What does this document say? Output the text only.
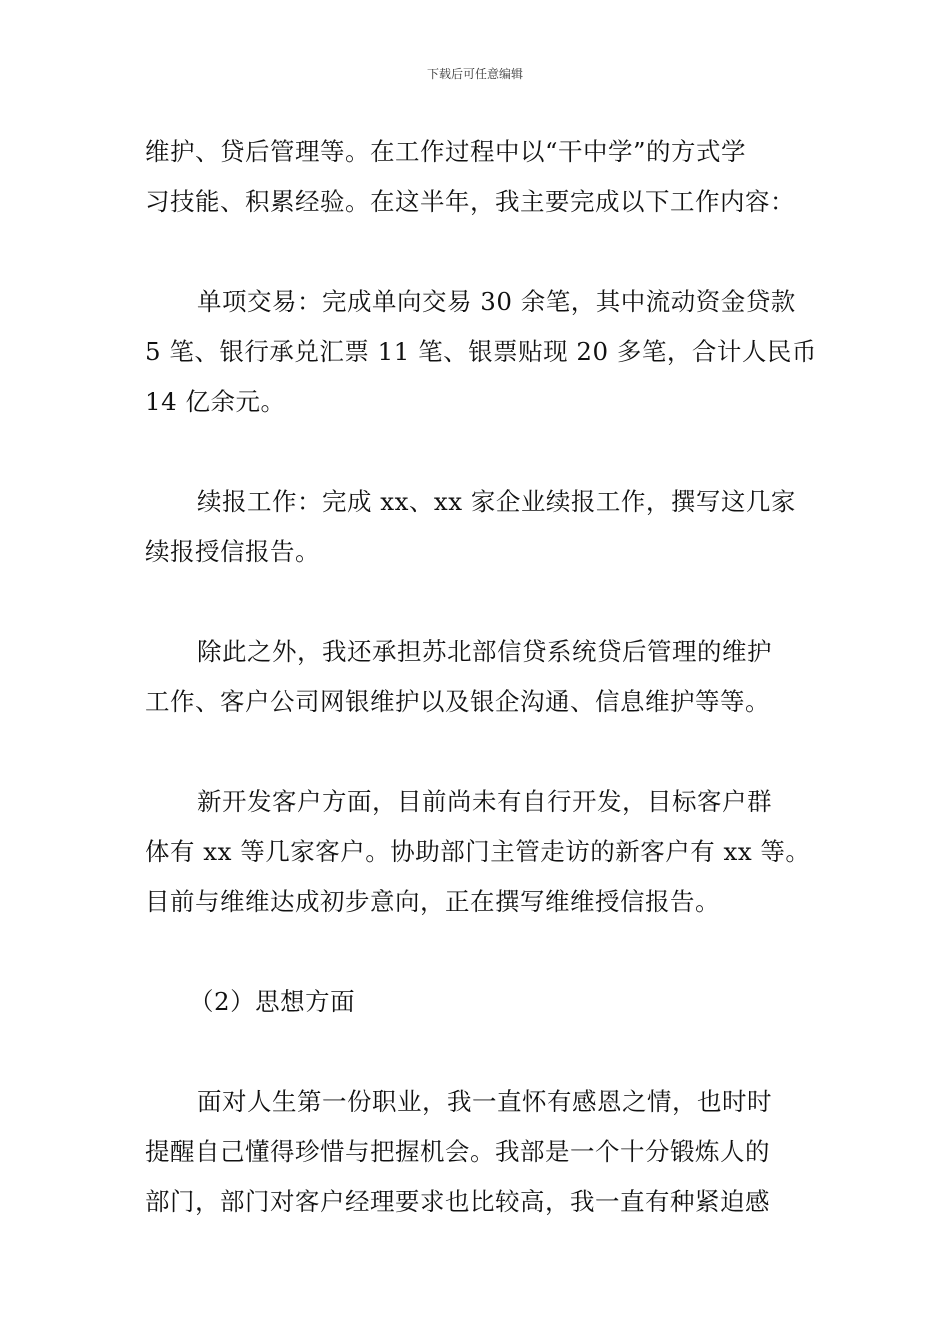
下载后可任意编辑

维护、贷后管理等。在工作过程中以“干中学”的方式学
习技能、积累经验。在这半年，我主要完成以下工作内容：

单项交易：完成单向交易 30 余笔，其中流动资金贷款
5 笔、银行承兑汇票 11 笔、银票贴现 20 多笔，合计人民币
14 亿余元。

续报工作：完成 xx、xx 家企业续报工作，撰写这几家
续报授信报告。

除此之外，我还承担苏北部信贷系统贷后管理的维护
工作、客户公司网银维护以及银企沟通、信息维护等等。

新开发客户方面，目前尚未有自行开发，目标客户群
体有 xx 等几家客户。协助部门主管走访的新客户有 xx 等。
目前与维维达成初步意向，正在撰写维维授信报告。

（2）思想方面

面对人生第一份职业，我一直怀有感恩之情，也时时
提醒自己懂得珍惜与把握机会。我部是一个十分锻炼人的
部门，部门对客户经理要求也比较高，我一直有种紧迫感
